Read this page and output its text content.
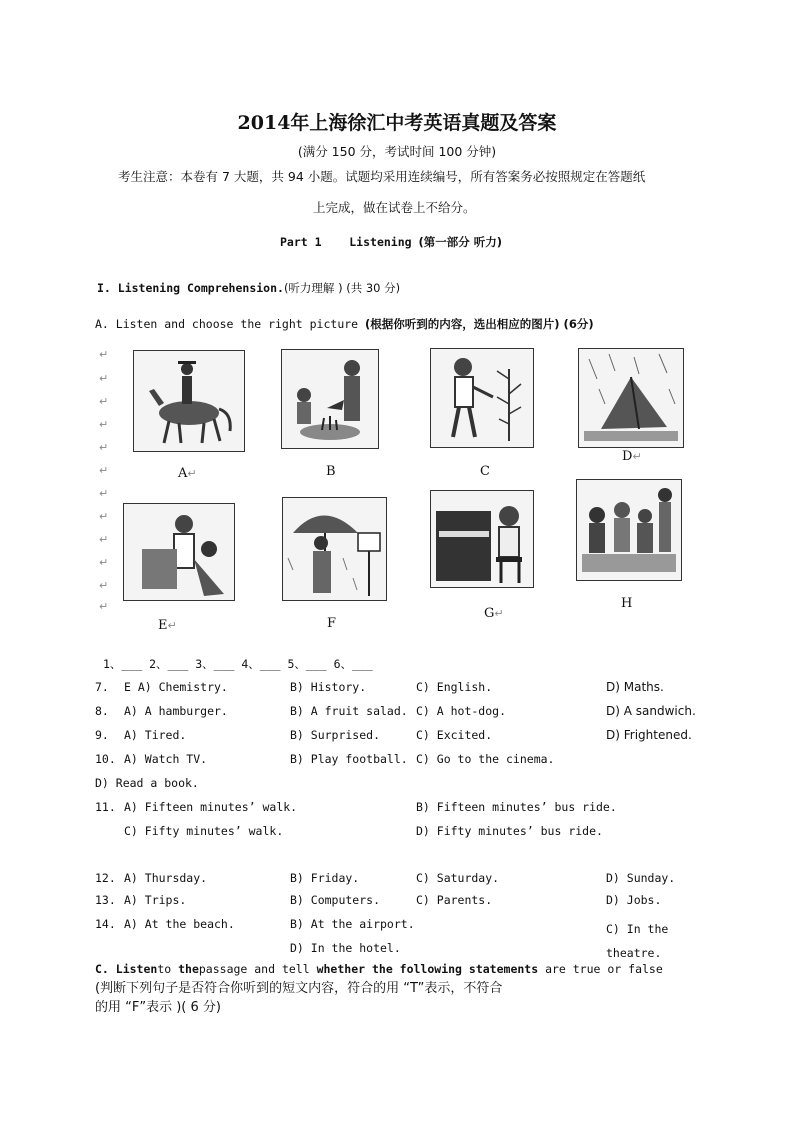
2014年上海徐汇中考英语真题及答案
(满分 150 分，考试时间 100 分钟)
考生注意：本卷有 7 大题，共 94 小题。试题均采用连续编号，所有答案务必按照规定在答题纸
上完成，做在试卷上不给分。
Part 1 Listening (第一部分 听力)
I. Listening Comprehension.(听力理解 ) (共 30 分)
A. Listen and choose the right picture (根据你听到的内容，选出相应的图片) (6分)
↵
↵
↵
↵
↵
↵
↵
↵
↵
↵
↵
↵
A↵	B	C
D↵
E↵	F
G↵
H
1、___ 2、___ 3、___ 4、___ 5、___ 6、___
7. E A) Chemistry.	B) History.	C) English.	D) Maths.
8. A) A hamburger.	B) A fruit salad. C) A hot-dog.	D) A sandwich.
9. A) Tired.	B) Surprised.	C) Excited.	D) Frightened.
10. A) Watch TV.	B) Play football. C) Go to the cinema.
D) Read a book.
11. A) Fifteen minutes’ walk.	B) Fifteen minutes’ bus ride.
C) Fifty minutes’ walk.	D) Fifty minutes’ bus ride.
12. A) Thursday.	B) Friday.	C) Saturday.	D) Sunday.
13. A) Trips.	B) Computers.	C) Parents.	D) Jobs.
14. A) At the beach.	B) At the airport.	C) In the theatre.
D) In the hotel.
C. Listento thepassage and tell whether the following statements are true or false
(判断下列句子是否符合你听到的短文内容，符合的用 “T”表示，不符合
的用 “F”表示 )( 6 分)
